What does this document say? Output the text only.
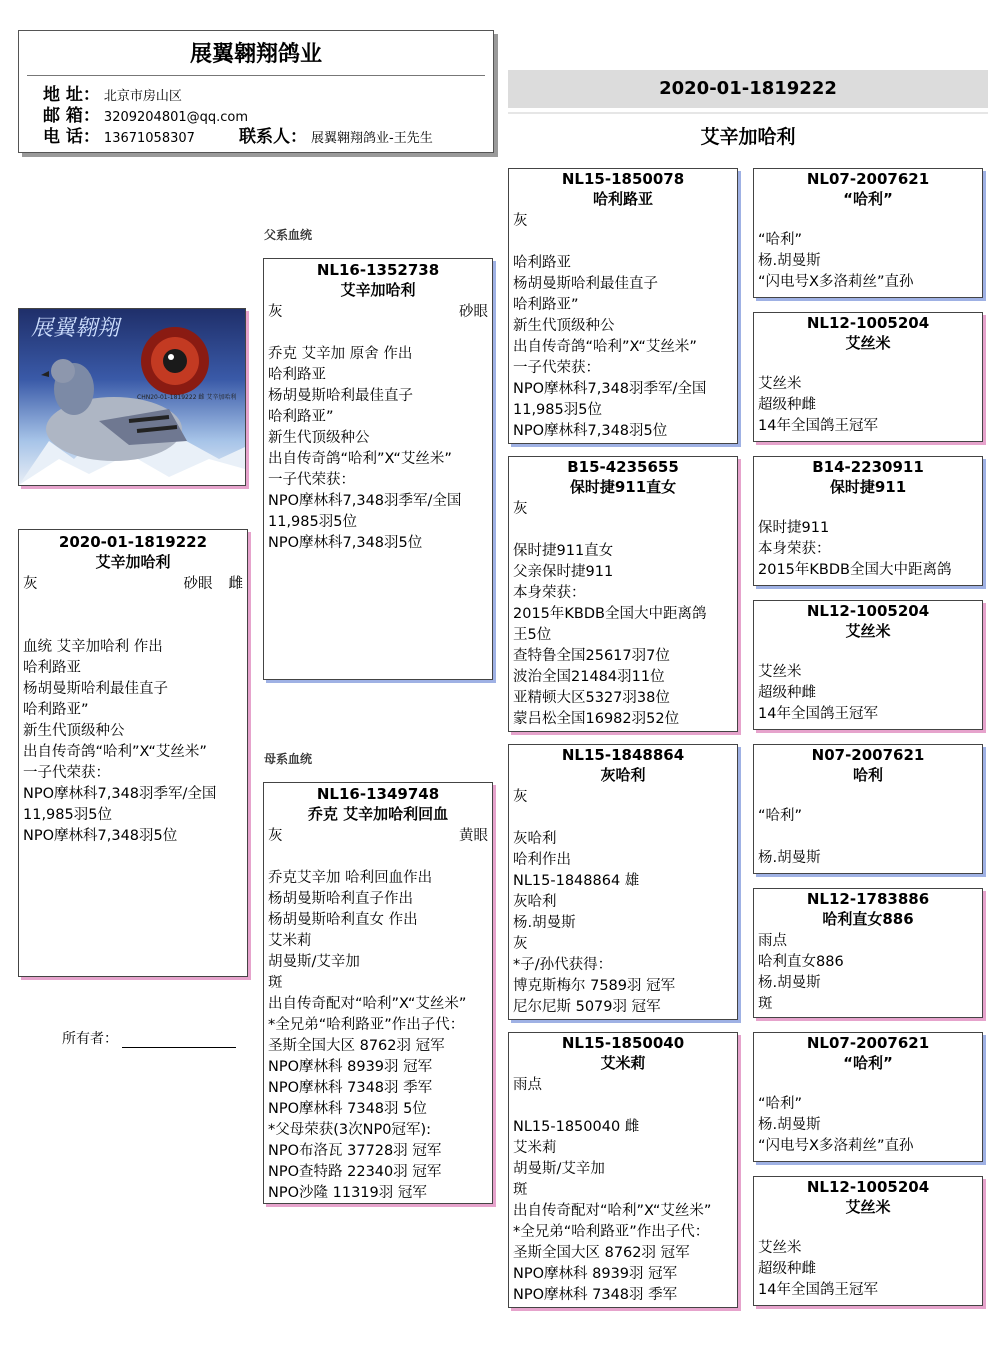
展翼翱翔鸽业
地 址： 北京市房山区
邮 箱： 3209204801@qq.com
电 话： 13671058307	联系人： 展翼翱翔鸽业-王先生
2020-01-1819222
艾辛加哈利
父系血统
母系血统
展翼翱翔
CHN20-01-1819222 雌 艾辛加哈利
2020-01-1819222
艾辛加哈利
灰	砂眼 雌
血统 艾辛加哈利 作出
哈利路亚
杨胡曼斯哈利最佳直子
哈利路亚”
新生代顶级种公
出自传奇鸽“哈利”X“艾丝米”
一子代荣获：
NPO摩林科7,348羽季军/全国
11,985羽5位
NPO摩林科7,348羽5位
所有者：
NL16-1352738
艾辛加哈利
灰	砂眼
乔克 艾辛加 原舍 作出
哈利路亚
杨胡曼斯哈利最佳直子
哈利路亚”
新生代顶级种公
出自传奇鸽“哈利”X“艾丝米”
一子代荣获：
NPO摩林科7,348羽季军/全国
11,985羽5位
NPO摩林科7,348羽5位
NL16-1349748
乔克 艾辛加哈利回血
灰	黄眼
乔克艾辛加 哈利回血作出
杨胡曼斯哈利直子作出
杨胡曼斯哈利直女 作出
艾米莉
胡曼斯/艾辛加
斑
出自传奇配对“哈利”X“艾丝米”
*全兄弟“哈利路亚”作出子代：
圣斯全国大区 8762羽 冠军
NPO摩林科 8939羽 冠军
NPO摩林科 7348羽 季军
NPO摩林科 7348羽 5位
*父母荣获(3次NP0冠军):
NPO布洛瓦 37728羽 冠军
NPO查特路 22340羽 冠军
NPO沙隆 11319羽 冠军
NL15-1850078
哈利路亚
灰
哈利路亚
杨胡曼斯哈利最佳直子
哈利路亚”
新生代顶级种公
出自传奇鸽“哈利”X“艾丝米”
一子代荣获：
NPO摩林科7,348羽季军/全国
11,985羽5位
NPO摩林科7,348羽5位
B15-4235655
保时捷911直女
灰
保时捷911直女
父亲保时捷911
本身荣获：
2015年KBDB全国大中距离鸽
王5位
查特鲁全国25617羽7位
波治全国21484羽11位
亚精顿大区5327羽38位
蒙吕松全国16982羽52位
NL15-1848864
灰哈利
灰
灰哈利
哈利作出
NL15-1848864 雄
灰哈利
杨.胡曼斯
灰
*子/孙代获得：
博克斯梅尔 7589羽 冠军
尼尔尼斯 5079羽 冠军
NL15-1850040
艾米莉
雨点
NL15-1850040 雌
艾米莉
胡曼斯/艾辛加
斑
出自传奇配对“哈利”X“艾丝米”
*全兄弟“哈利路亚”作出子代：
圣斯全国大区 8762羽 冠军
NPO摩林科 8939羽 冠军
NPO摩林科 7348羽 季军
NL07-2007621
“哈利”
“哈利”
杨.胡曼斯
“闪电号X多洛莉丝”直孙
NL12-1005204
艾丝米
艾丝米
超级种雌
14年全国鸽王冠军
B14-2230911
保时捷911
保时捷911
本身荣获：
2015年KBDB全国大中距离鸽
NL12-1005204
艾丝米
艾丝米
超级种雌
14年全国鸽王冠军
N07-2007621
哈利
“哈利”
杨.胡曼斯
NL12-1783886
哈利直女886
雨点
哈利直女886
杨.胡曼斯
斑
NL07-2007621
“哈利”
“哈利”
杨.胡曼斯
“闪电号X多洛莉丝”直孙
NL12-1005204
艾丝米
艾丝米
超级种雌
14年全国鸽王冠军
